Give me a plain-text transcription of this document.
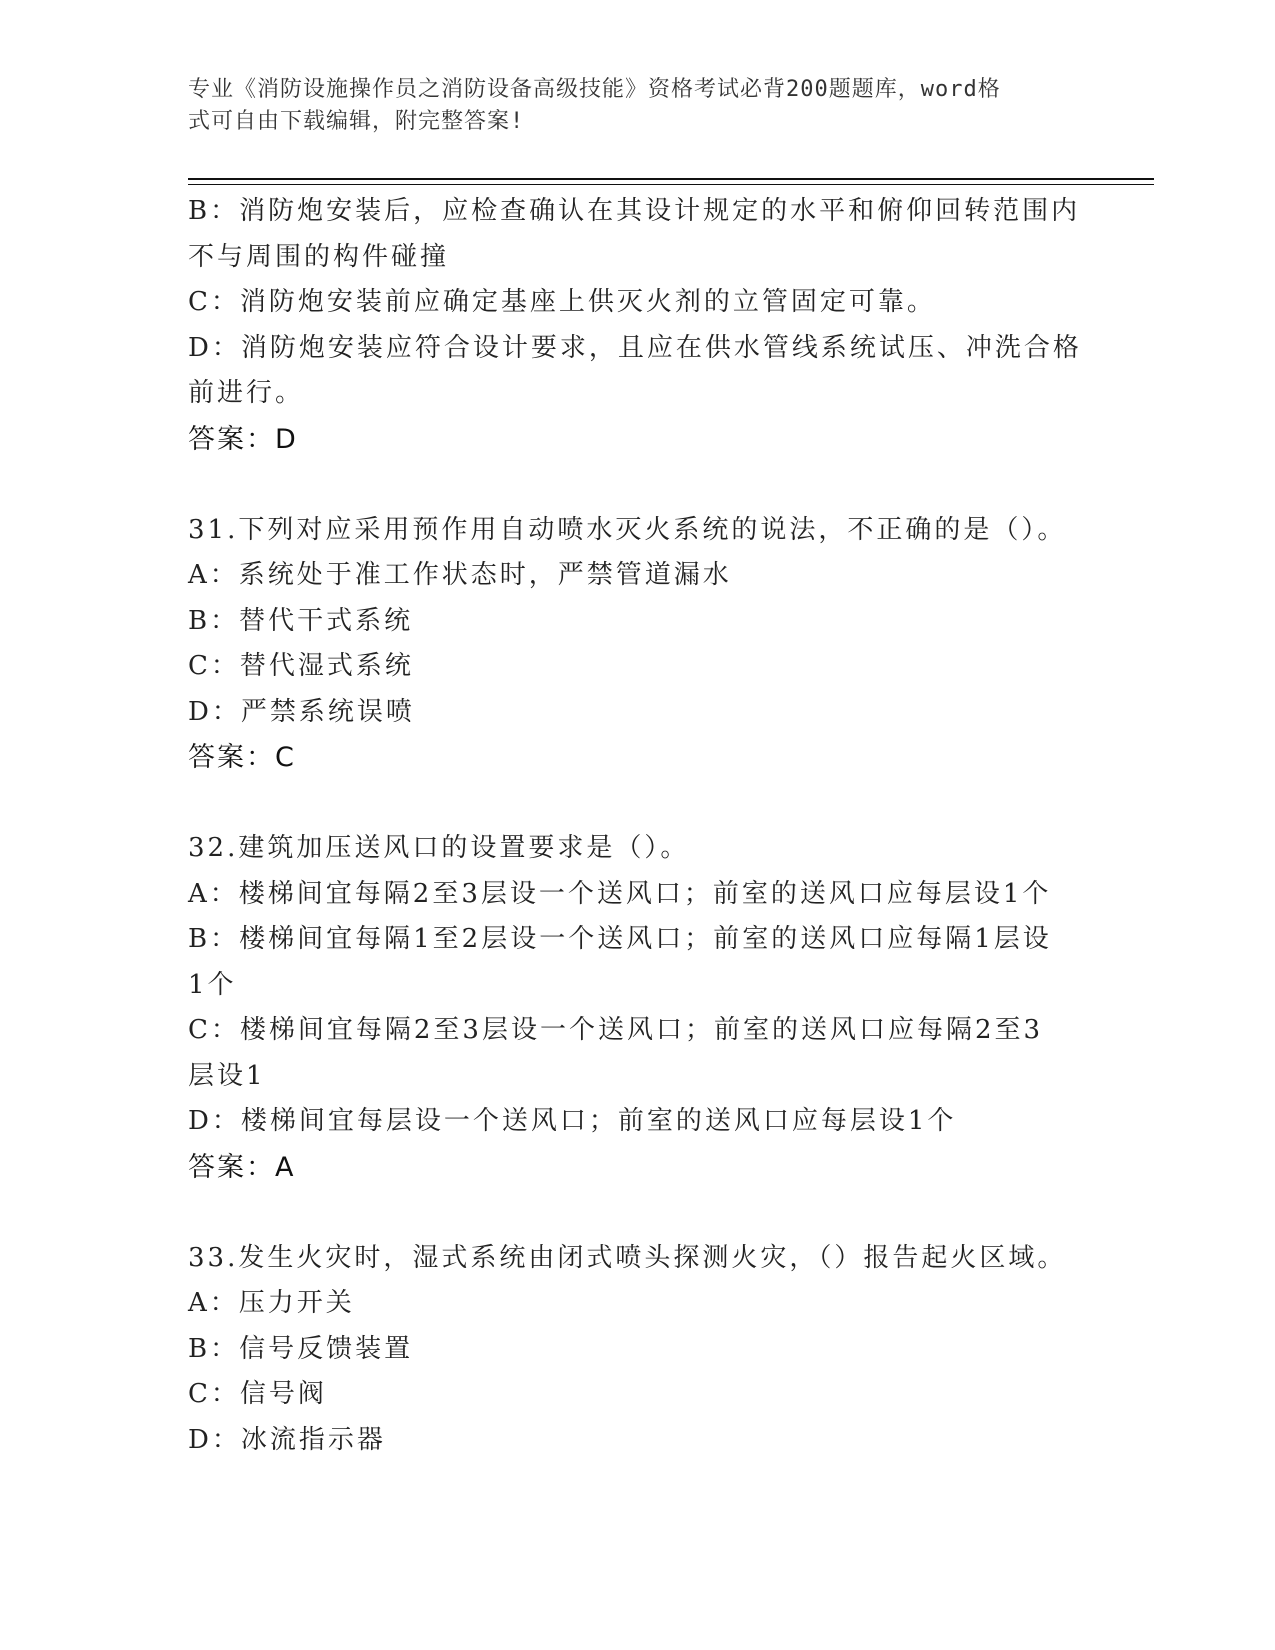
专业《消防设施操作员之消防设备高级技能》资格考试必背200题题库，word格

式可自由下载编辑，附完整答案!

B：消防炮安装后，应检查确认在其设计规定的水平和俯仰回转范围内
不与周围的构件碰撞
C：消防炮安装前应确定基座上供灭火剂的立管固定可靠。
D：消防炮安装应符合设计要求，且应在供水管线系统试压、冲洗合格
前进行。
答案：D
31.下列对应采用预作用自动喷水灭火系统的说法，不正确的是（）。
A：系统处于准工作状态时，严禁管道漏水
B：替代干式系统
C：替代湿式系统
D：严禁系统误喷
答案：C
32.建筑加压送风口的设置要求是（）。
A：楼梯间宜每隔2至3层设一个送风口；前室的送风口应每层设1个
B：楼梯间宜每隔1至2层设一个送风口；前室的送风口应每隔1层设
1个
C：楼梯间宜每隔2至3层设一个送风口；前室的送风口应每隔2至3
层设1
D：楼梯间宜每层设一个送风口；前室的送风口应每层设1个
答案：A
33.发生火灾时，湿式系统由闭式喷头探测火灾，（）报告起火区域。
A：压力开关
B：信号反馈装置
C：信号阀
D：冰流指示器
